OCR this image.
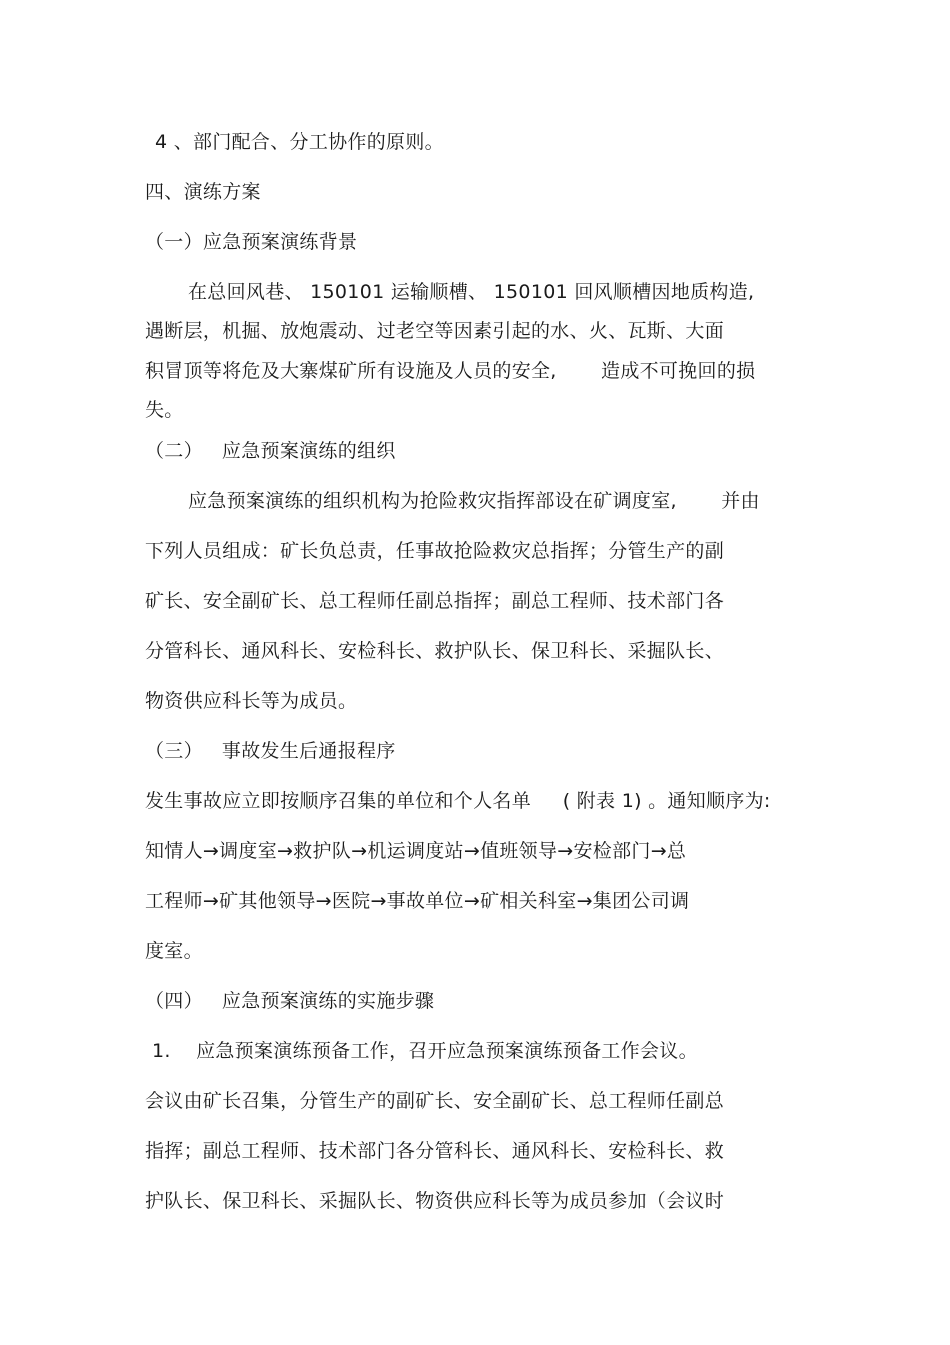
4 、部门配合、分工协作的原则。
四、演练方案
（一）应急预案演练背景
在总回风巷、 150101 运输顺槽、 150101 回风顺槽因地质构造,
遇断层，机掘、放炮震动、过老空等因素引起的水、火、瓦斯、大面
积冒顶等将危及大寨煤矿所有设施及人员的安全,       造成不可挽回的损
失。
（二）   应急预案演练的组织
应急预案演练的组织机构为抢险救灾指挥部设在矿调度室,       并由
下列人员组成：矿长负总责，任事故抢险救灾总指挥；分管生产的副
矿长、安全副矿长、总工程师任副总指挥；副总工程师、技术部门各
分管科长、通风科长、安检科长、救护队长、保卫科长、采掘队长、
物资供应科长等为成员。
（三）   事故发生后通报程序
发生事故应立即按顺序召集的单位和个人名单     ( 附表 1) 。通知顺序为:
知情人→调度室→救护队→机运调度站→值班领导→安检部门→总
工程师→矿其他领导→医院→事故单位→矿相关科室→集团公司调
度室。
（四）   应急预案演练的实施步骤
1.    应急预案演练预备工作，召开应急预案演练预备工作会议。
会议由矿长召集，分管生产的副矿长、安全副矿长、总工程师任副总
指挥；副总工程师、技术部门各分管科长、通风科长、安检科长、救
护队长、保卫科长、采掘队长、物资供应科长等为成员参加（会议时
